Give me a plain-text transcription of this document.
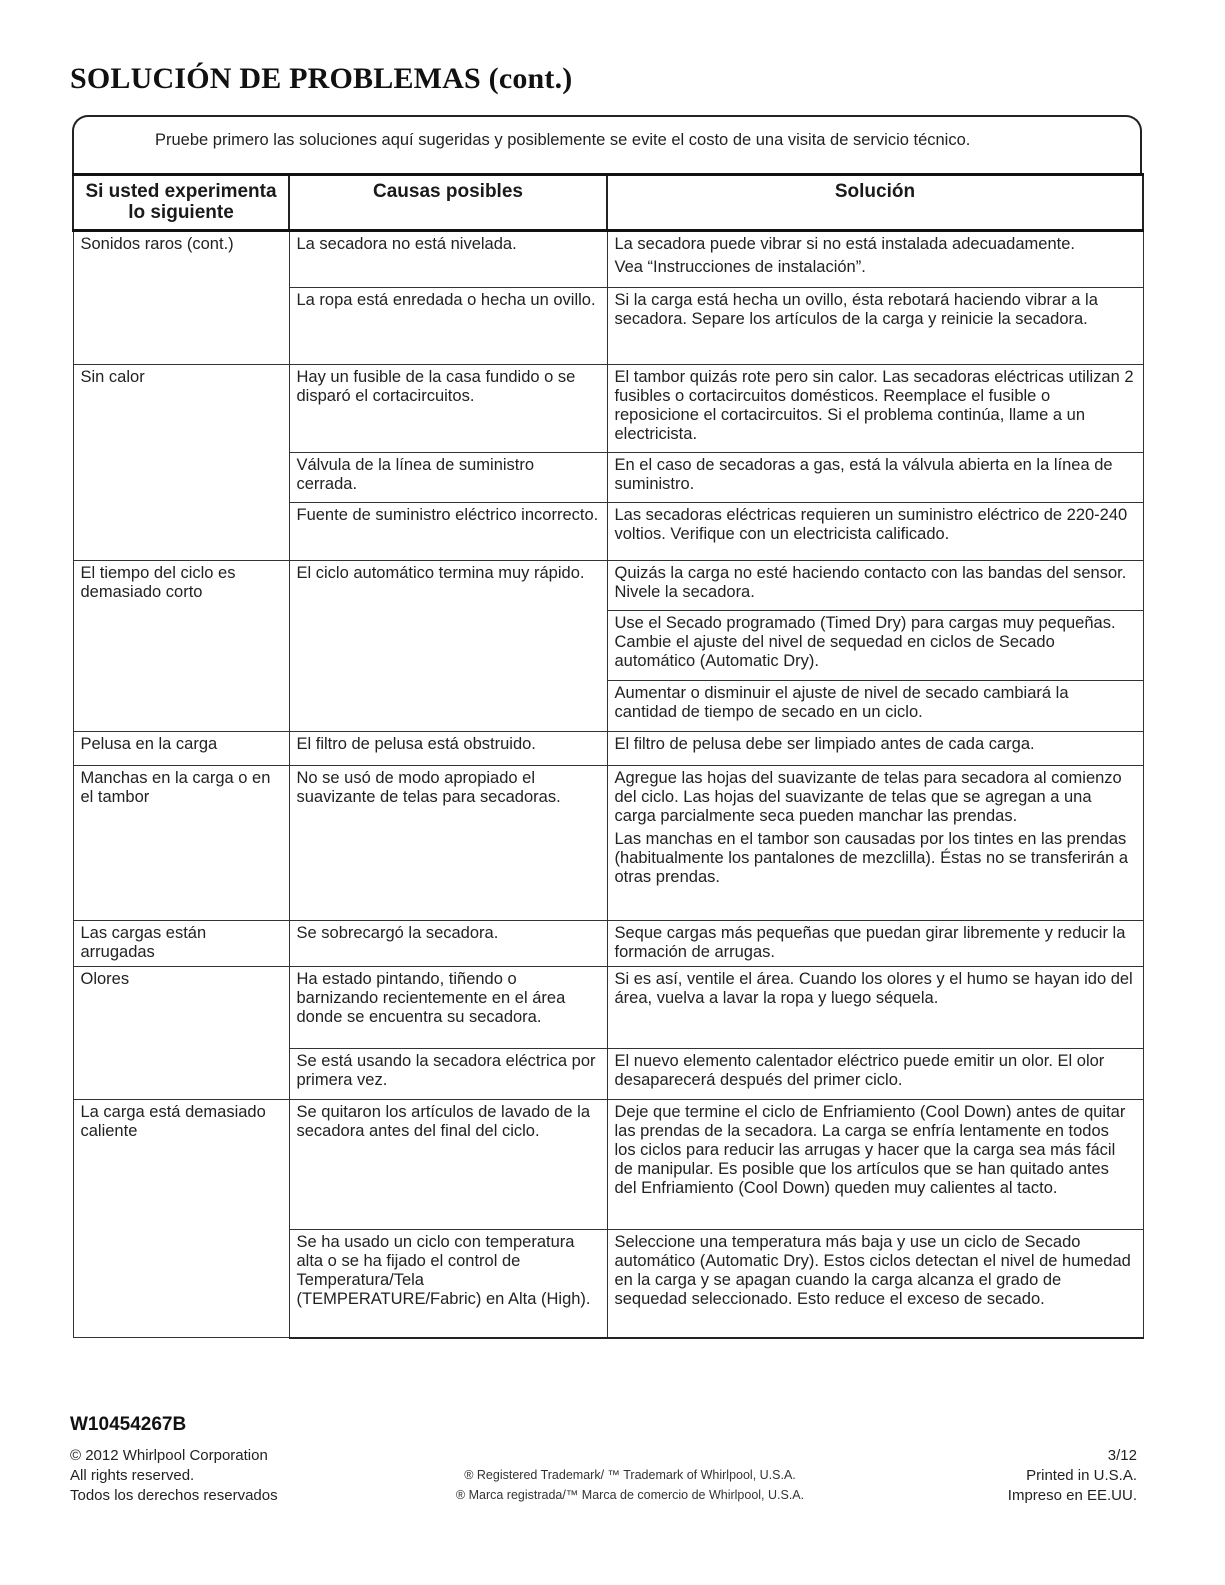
SOLUCIÓN DE PROBLEMAS (cont.)
Pruebe primero las soluciones aquí sugeridas y posiblemente se evite el costo de una visita de servicio técnico.
Si usted experimenta lo siguiente	Causas posibles	Solución
Sonidos raros (cont.)	La secadora no está nivelada.	La secadora puede vibrar si no está instalada adecuadamente.
Vea “Instrucciones de instalación”.

	La ropa está enredada o hecha un ovillo.	Si la carga está hecha un ovillo, ésta rebotará haciendo vibrar a la secadora. Separe los artículos de la carga y reinicie la secadora.
Sin calor	Hay un fusible de la casa fundido o se disparó el cortacircuitos.	El tambor quizás rote pero sin calor. Las secadoras eléctricas utilizan 2 fusibles o cortacircuitos domésticos. Reemplace el fusible o reposicione el cortacircuitos. Si el problema continúa, llame a un electricista.
	Válvula de la línea de suministro cerrada.	En el caso de secadoras a gas, está la válvula abierta en la línea de suministro.
	Fuente de suministro eléctrico incorrecto.	Las secadoras eléctricas requieren un suministro eléctrico de 220-240 voltios. Verifique con un electricista calificado.
El tiempo del ciclo es demasiado corto	El ciclo automático termina muy rápido.	Quizás la carga no esté haciendo contacto con las bandas del sensor. Nivele la secadora.
		Use el Secado programado (Timed Dry) para cargas muy pequeñas. Cambie el ajuste del nivel de sequedad en ciclos de Secado automático (Automatic Dry).
		Aumentar o disminuir el ajuste de nivel de secado cambiará la cantidad de tiempo de secado en un ciclo.
Pelusa en la carga	El filtro de pelusa está obstruido.	El filtro de pelusa debe ser limpiado antes de cada carga.
Manchas en la carga o en el tambor	No se usó de modo apropiado el suavizante de telas para secadoras.	Agregue las hojas del suavizante de telas para secadora al comienzo del ciclo. Las hojas del suavizante de telas que se agregan a una carga parcialmente seca pueden manchar las prendas.
Las manchas en el tambor son causadas por los tintes en las prendas (habitualmente los pantalones de mezclilla). Éstas no se transferirán a otras prendas.

Las cargas están arrugadas	Se sobrecargó la secadora.	Seque cargas más pequeñas que puedan girar libremente y reducir la formación de arrugas.
Olores	Ha estado pintando, tiñendo o barnizando recientemente en el área donde se encuentra su secadora.	Si es así, ventile el área. Cuando los olores y el humo se hayan ido del área, vuelva a lavar la ropa y luego séquela.
	Se está usando la secadora eléctrica por primera vez.	El nuevo elemento calentador eléctrico puede emitir un olor. El olor desaparecerá después del primer ciclo.
La carga está demasiado caliente	Se quitaron los artículos de lavado de la secadora antes del final del ciclo.	Deje que termine el ciclo de Enfriamiento (Cool Down) antes de quitar las prendas de la secadora. La carga se enfría lentamente en todos los ciclos para reducir las arrugas y hacer que la carga sea más fácil de manipular. Es posible que los artículos que se han quitado antes del Enfriamiento (Cool Down) queden muy calientes al tacto.
	Se ha usado un ciclo con temperatura alta o se ha fijado el control de Temperatura/Tela (TEMPERATURE/Fabric) en Alta (High).	Seleccione una temperatura más baja y use un ciclo de Secado automático (Automatic Dry). Estos ciclos detectan el nivel de humedad en la carga y se apagan cuando la carga alcanza el grado de sequedad seleccionado. Esto reduce el exceso de secado.
W10454267B
© 2012 Whirlpool Corporation
All rights reserved.
Todos los derechos reservados
® Registered Trademark/ ™ Trademark of Whirlpool, U.S.A.
® Marca registrada/™ Marca de comercio de Whirlpool, U.S.A.
3/12
Printed in U.S.A.
Impreso en EE.UU.
